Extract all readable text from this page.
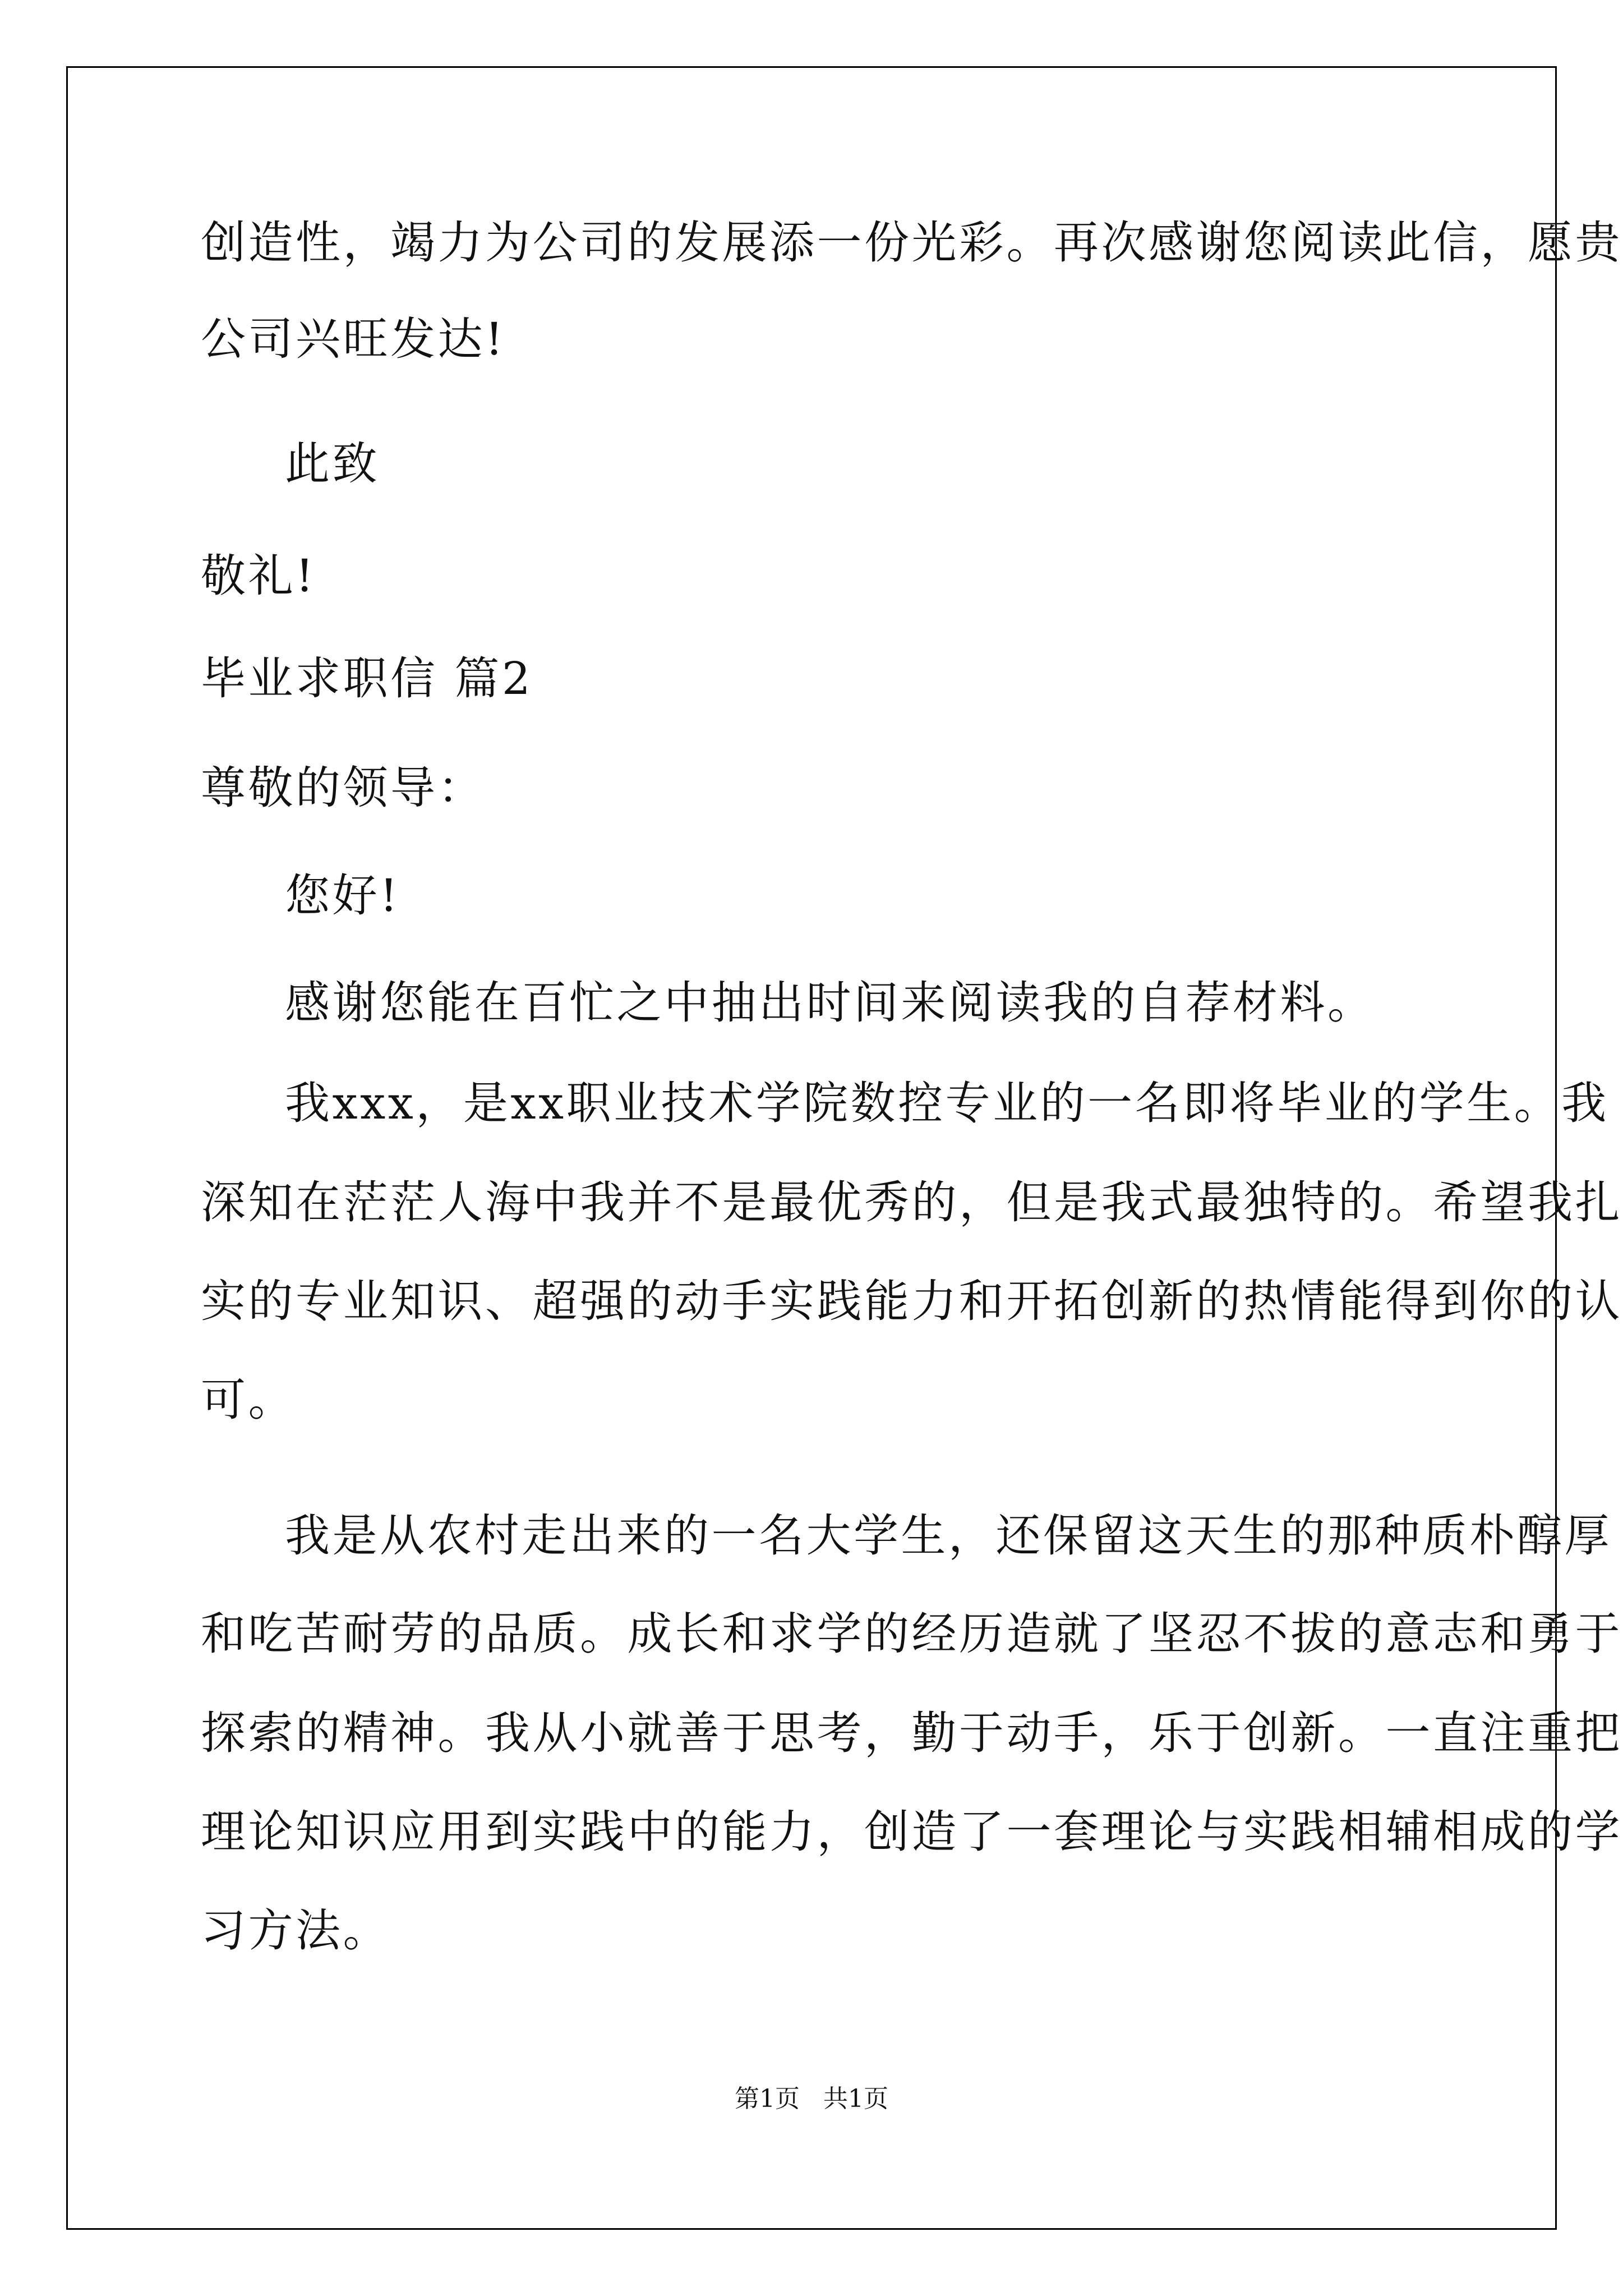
创造性，竭力为公司的发展添一份光彩。再次感谢您阅读此信，愿贵
公司兴旺发达!
此致
敬礼!
毕业求职信 篇2
尊敬的领导：
您好!
感谢您能在百忙之中抽出时间来阅读我的自荐材料。
我xxx，是xx职业技术学院数控专业的一名即将毕业的学生。我
深知在茫茫人海中我并不是最优秀的，但是我式最独特的。希望我扎
实的专业知识、超强的动手实践能力和开拓创新的热情能得到你的认
可。
我是从农村走出来的一名大学生，还保留这天生的那种质朴醇厚
和吃苦耐劳的品质。成长和求学的经历造就了坚忍不拔的意志和勇于
探索的精神。我从小就善于思考，勤于动手，乐于创新。一直注重把
理论知识应用到实践中的能力，创造了一套理论与实践相辅相成的学
习方法。
第1页   共1页
